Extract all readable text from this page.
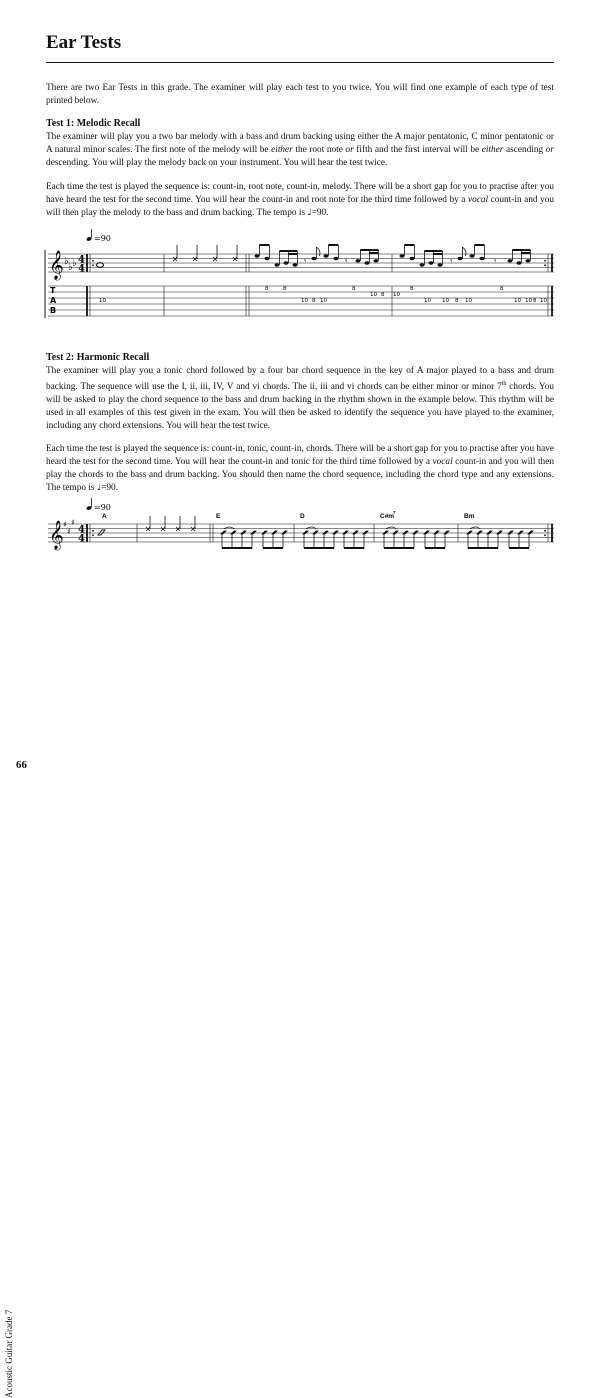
Ear Tests

There are two Ear Tests in this grade. The examiner will play each test to you twice. You will find one example of each type of test printed below.

Test 1: Melodic Recall

The examiner will play you a two bar melody with a bass and drum backing using either the A major pentatonic, C minor pentatonic or A natural minor scales. The first note of the melody will be either the root note or fifth and the first interval will be either ascending or descending. You will play the melody back on your instrument. You will hear the test twice.

Each time the test is played the sequence is: count-in, root note, count-in, melody. There will be a short gap for you to practise after you have heard the test for the second time. You will hear the count-in and root note for the third time followed by a vocal count-in and you will then play the melody to the bass and drum backing. The tempo is ♩=90.

=90
𝄞 ♭
♭ ♭ 4
4
𝄾	𝄾	𝄾	𝄾
T
A
B
10
8	8
10 8 10
8
10 8 10
8
10 10 8 10
8
10 10 8 10

Test 2: Harmonic Recall

The examiner will play you a tonic chord followed by a four bar chord sequence in the key of A major played to a bass and drum backing. The sequence will use the I, ii, iii, IV, V and vi chords. The ii, iii and vi chords can be either minor or minor 7th chords. You will be asked to play the chord sequence to the bass and drum backing in the rhythm shown in the example below. This rhythm will be used in all examples of this test given in the exam. You will then be asked to identify the sequence you have played to the examiner, including any chord extensions. You will hear the test twice.

Each time the test is played the sequence is: count-in, tonic, count-in, chords. There will be a short gap for you to practise after you have heard the test for the second time. You will hear the count-in and tonic for the third time followed by a vocal count-in and you will then play the chords to the bass and drum backing. You should then name the chord sequence, including the chord type and any extensions. The tempo is ♩=90.

=90
A	E	D	C#m
7
Bm
𝄞 ♯
♯
♯
4
4
Acoustic Guitar Grade 7
66
